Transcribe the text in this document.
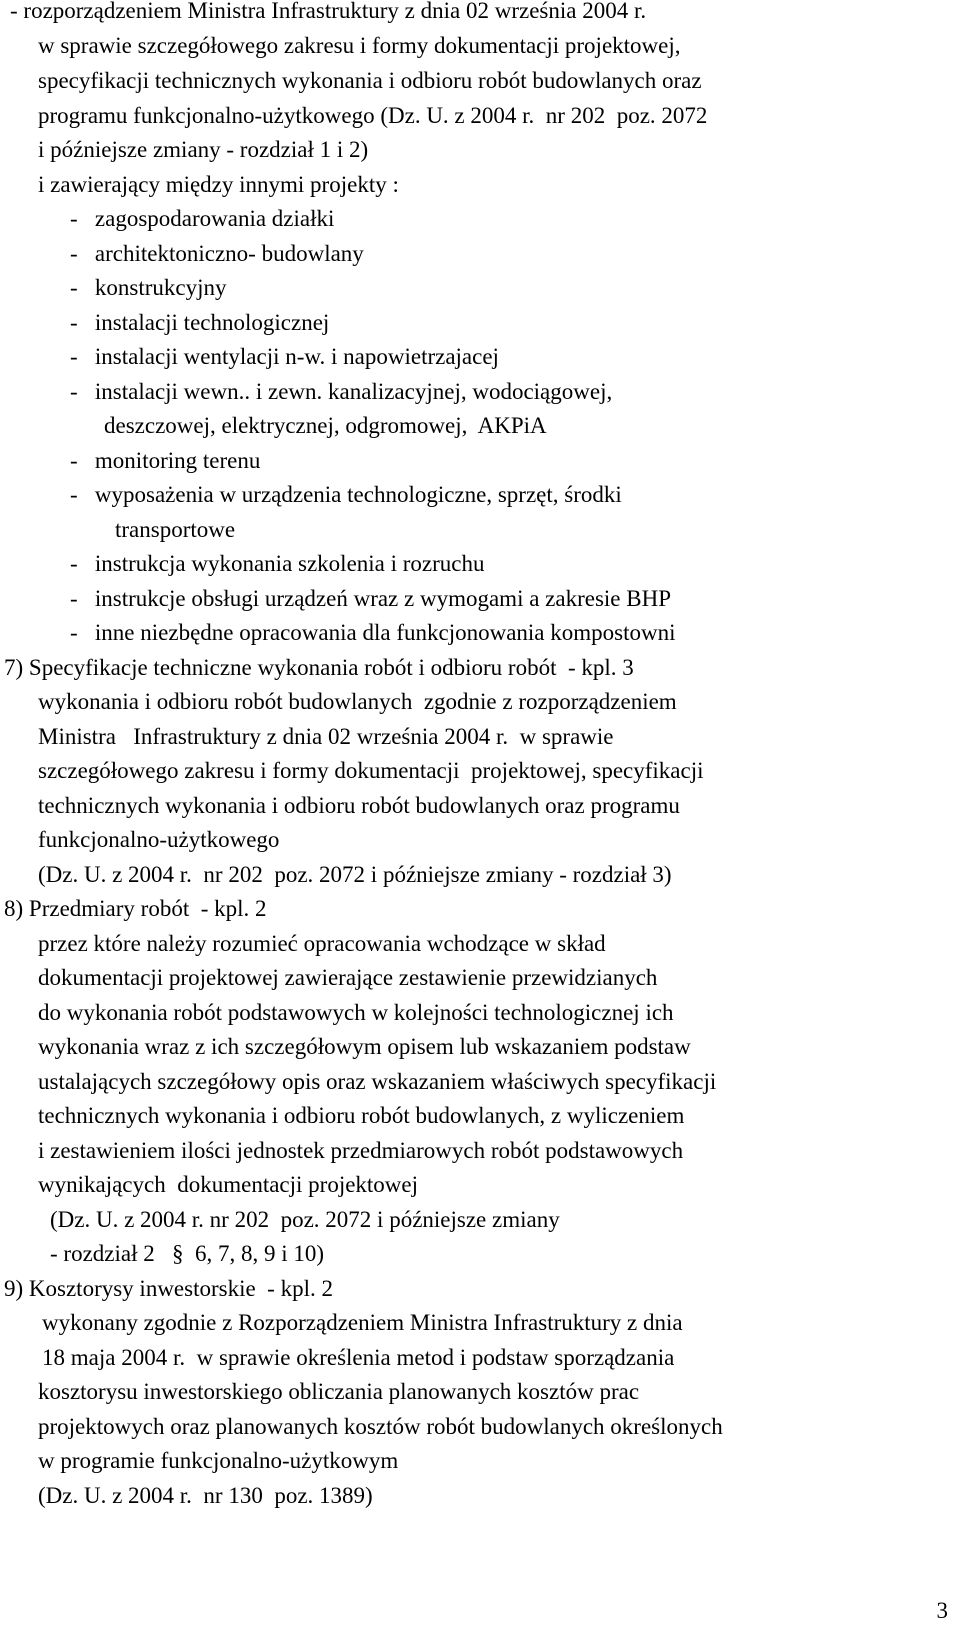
- rozporządzeniem Ministra Infrastruktury z dnia 02 września 2004 r.
w sprawie szczegółowego zakresu i formy dokumentacji projektowej,
specyfikacji technicznych wykonania i odbioru robót budowlanych oraz
programu funkcjonalno-użytkowego (Dz. U. z 2004 r.  nr 202  poz. 2072
i późniejsze zmiany - rozdział 1 i 2)
i zawierający między innymi projekty :
-   zagospodarowania działki
-   architektoniczno- budowlany
-   konstrukcyjny
-   instalacji technologicznej
-   instalacji wentylacji n-w. i napowietrzajacej
-   instalacji wewn.. i zewn. kanalizacyjnej, wodociągowej,
deszczowej, elektrycznej, odgromowej,  AKPiA
-   monitoring terenu
-   wyposażenia w urządzenia technologiczne, sprzęt, środki
transportowe
-   instrukcja wykonania szkolenia i rozruchu
-   instrukcje obsługi urządzeń wraz z wymogami a zakresie BHP
-   inne niezbędne opracowania dla funkcjonowania kompostowni
7) Specyfikacje techniczne wykonania robót i odbioru robót  - kpl. 3
wykonania i odbioru robót budowlanych  zgodnie z rozporządzeniem
Ministra   Infrastruktury z dnia 02 września 2004 r.  w sprawie
szczegółowego zakresu i formy dokumentacji  projektowej, specyfikacji
technicznych wykonania i odbioru robót budowlanych oraz programu
funkcjonalno-użytkowego
(Dz. U. z 2004 r.  nr 202  poz. 2072 i późniejsze zmiany - rozdział 3)
8) Przedmiary robót  - kpl. 2
przez które należy rozumieć opracowania wchodzące w skład
dokumentacji projektowej zawierające zestawienie przewidzianych
do wykonania robót podstawowych w kolejności technologicznej ich
wykonania wraz z ich szczegółowym opisem lub wskazaniem podstaw
ustalających szczegółowy opis oraz wskazaniem właściwych specyfikacji
technicznych wykonania i odbioru robót budowlanych, z wyliczeniem
i zestawieniem ilości jednostek przedmiarowych robót podstawowych
wynikających  dokumentacji projektowej
(Dz. U. z 2004 r. nr 202  poz. 2072 i późniejsze zmiany
- rozdział 2   §  6, 7, 8, 9 i 10)
9) Kosztorysy inwestorskie  - kpl. 2
wykonany zgodnie z Rozporządzeniem Ministra Infrastruktury z dnia
18 maja 2004 r.  w sprawie określenia metod i podstaw sporządzania
kosztorysu inwestorskiego obliczania planowanych kosztów prac
projektowych oraz planowanych kosztów robót budowlanych określonych
w programie funkcjonalno-użytkowym
(Dz. U. z 2004 r.  nr 130  poz. 1389)
3
